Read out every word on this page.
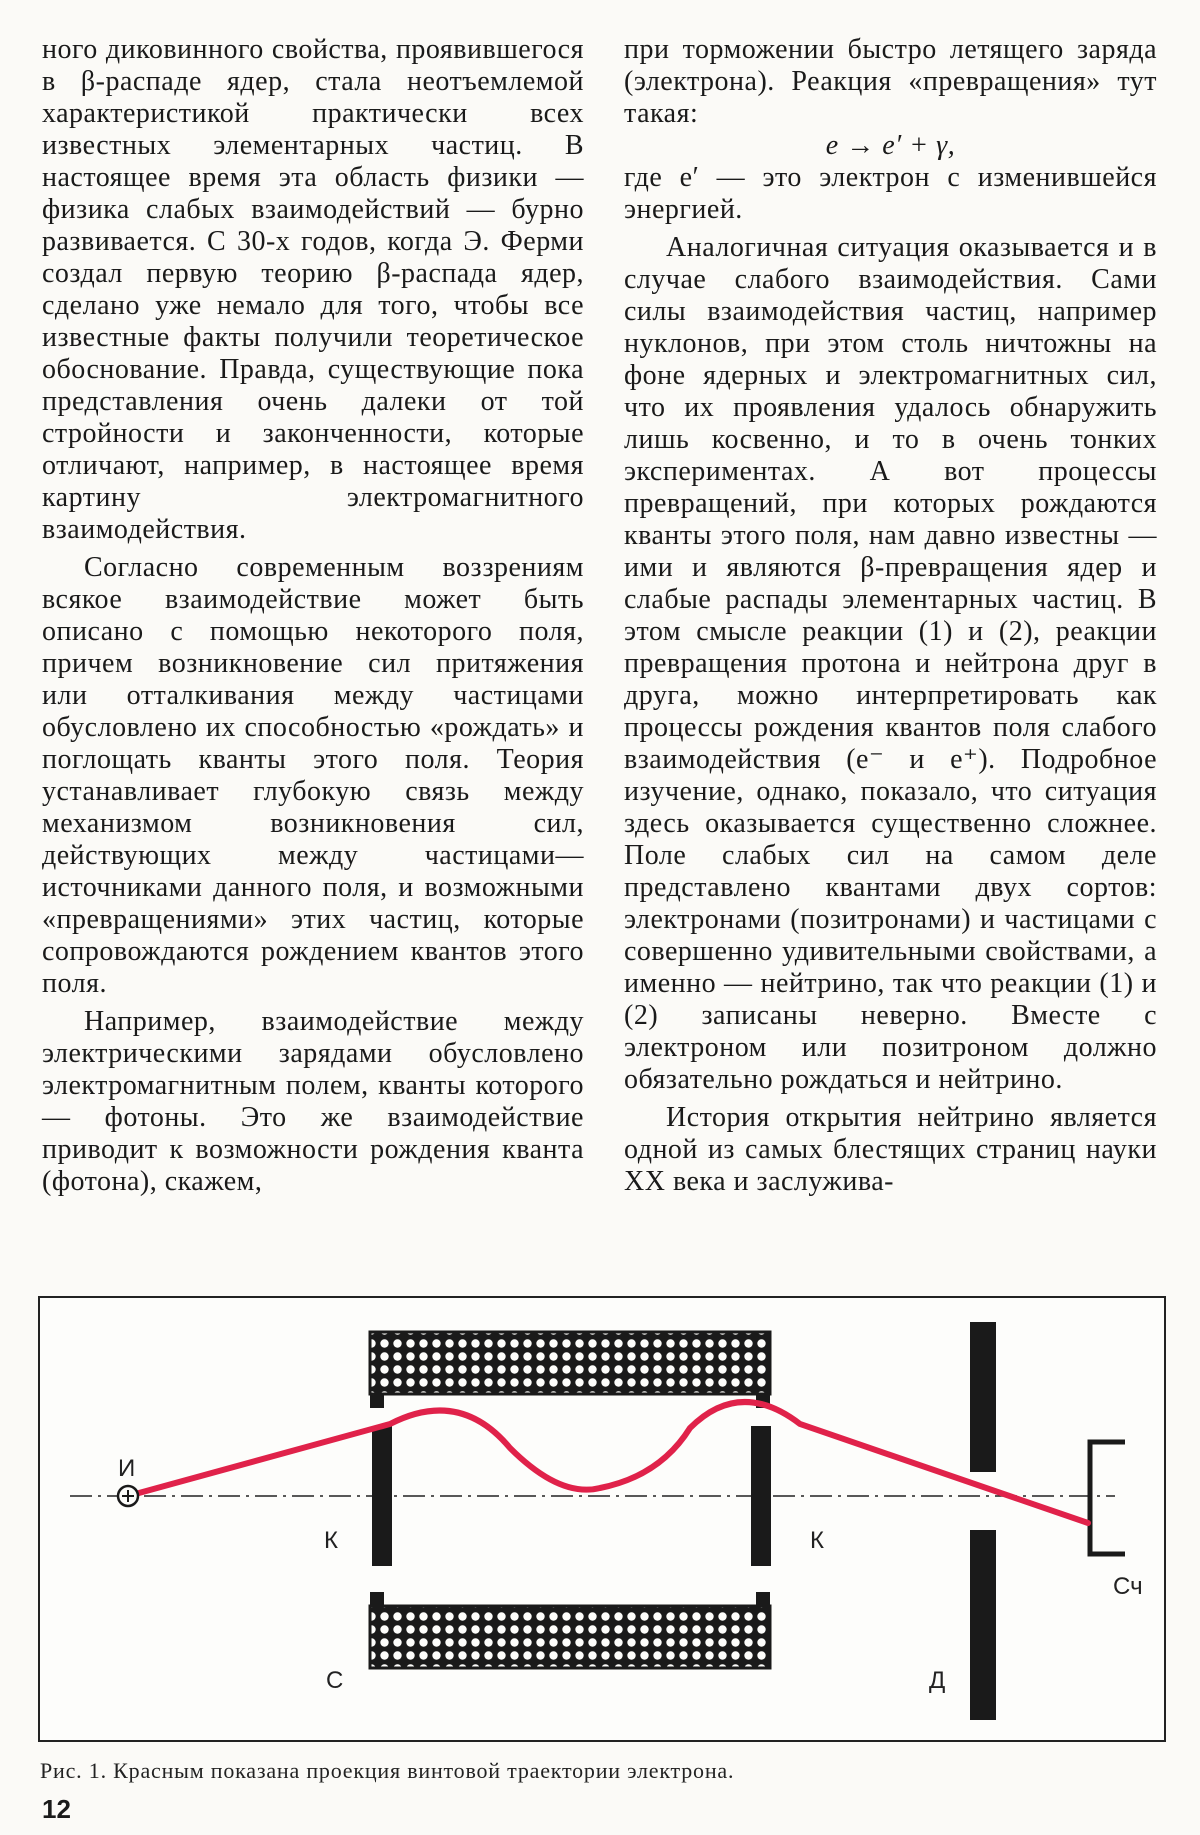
ного диковинного свойства, проявившегося в β-распаде ядер, стала неотъемлемой характеристикой практически всех известных элементарных частиц. В настоящее время эта область физики — физика слабых взаимодействий — бурно развивается. С 30-х годов, когда Э. Ферми создал первую теорию β-распада ядер, сделано уже немало для того, чтобы все известные факты получили теоретическое обоснование. Правда, существующие пока представления очень далеки от той стройности и законченности, которые отличают, например, в настоящее время картину электромагнитного взаимодействия.

Согласно современным воззрениям всякое взаимодействие может быть описано с помощью некоторого поля, причем возникновение сил притяжения или отталкивания между частицами обусловлено их способностью «рождать» и поглощать кванты этого поля. Теория устанавливает глубокую связь между механизмом возникновения сил, действующих между частицами—источниками данного поля, и возможными «превращениями» этих частиц, которые сопровождаются рождением квантов этого поля.

Например, взаимодействие между электрическими зарядами обусловлено электромагнитным полем, кванты которого — фотоны. Это же взаимодействие приводит к возможности рождения кванта (фотона), скажем,

при торможении быстро летящего заряда (электрона). Реакция «превращения» тут такая:

e → e′ + γ,

где e′ — это электрон с изменившейся энергией.

Аналогичная ситуация оказывается и в случае слабого взаимодействия. Сами силы взаимодействия частиц, например нуклонов, при этом столь ничтожны на фоне ядерных и электромагнитных сил, что их проявления удалось обнаружить лишь косвенно, и то в очень тонких экспериментах. А вот процессы превращений, при которых рождаются кванты этого поля, нам давно известны — ими и являются β-превращения ядер и слабые распады элементарных частиц. В этом смысле реакции (1) и (2), реакции превращения протона и нейтрона друг в друга, можно интерпретировать как процессы рождения квантов поля слабого взаимодействия (e⁻ и e⁺). Подробное изучение, однако, показало, что ситуация здесь оказывается существенно сложнее. Поле слабых сил на самом деле представлено квантами двух сортов: электронами (позитронами) и частицами с совершенно удивительными свойствами, а именно — нейтрино, так что реакции (1) и (2) записаны неверно. Вместе с электроном или позитроном должно обязательно рождаться и нейтрино.

История открытия нейтрино является одной из самых блестящих страниц науки XX века и заслужива-

И
К	К
С	Д
Сч
Рис. 1. Красным показана проекция винтовой траектории электрона.
12
